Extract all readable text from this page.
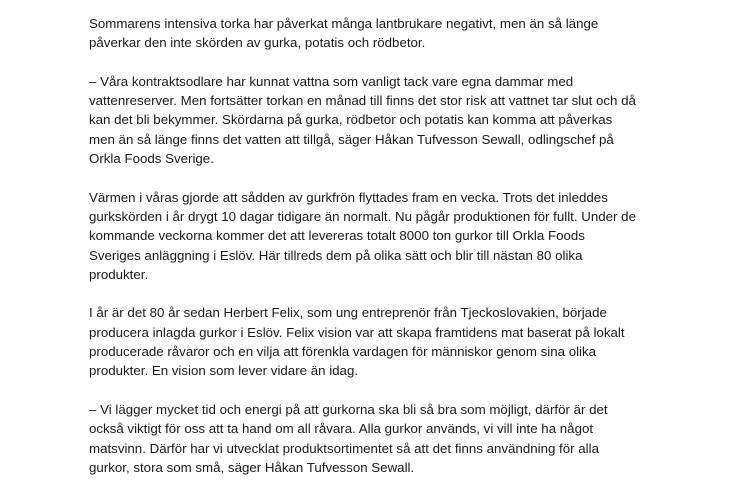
Sommarens intensiva torka har påverkat många lantbrukare negativt, men än så länge
påverkar den inte skörden av gurka, potatis och rödbetor.

– Våra kontraktsodlare har kunnat vattna som vanligt tack vare egna dammar med
vattenreserver. Men fortsätter torkan en månad till finns det stor risk att vattnet tar slut och då
kan det bli bekymmer. Skördarna på gurka, rödbetor och potatis kan komma att påverkas
men än så länge finns det vatten att tillgå, säger Håkan Tufvesson Sewall, odlingschef på
Orkla Foods Sverige.

Värmen i våras gjorde att sådden av gurkfrön flyttades fram en vecka. Trots det inleddes
gurkskörden i år drygt 10 dagar tidigare än normalt. Nu pågår produktionen för fullt. Under de
kommande veckorna kommer det att levereras totalt 8000 ton gurkor till Orkla Foods
Sveriges anläggning i Eslöv. Här tillreds dem på olika sätt och blir till nästan 80 olika
produkter.

I år är det 80 år sedan Herbert Felix, som ung entreprenör från Tjeckoslovakien, började
producera inlagda gurkor i Eslöv. Felix vision var att skapa framtidens mat baserat på lokalt
producerade råvaror och en vilja att förenkla vardagen för människor genom sina olika
produkter. En vision som lever vidare än idag.

– Vi lägger mycket tid och energi på att gurkorna ska bli så bra som möjligt, därför är det
också viktigt för oss att ta hand om all råvara. Alla gurkor används, vi vill inte ha något
matsvinn. Därför har vi utvecklat produktsortimentet så att det finns användning för alla
gurkor, stora som små, säger Håkan Tufvesson Sewall.
